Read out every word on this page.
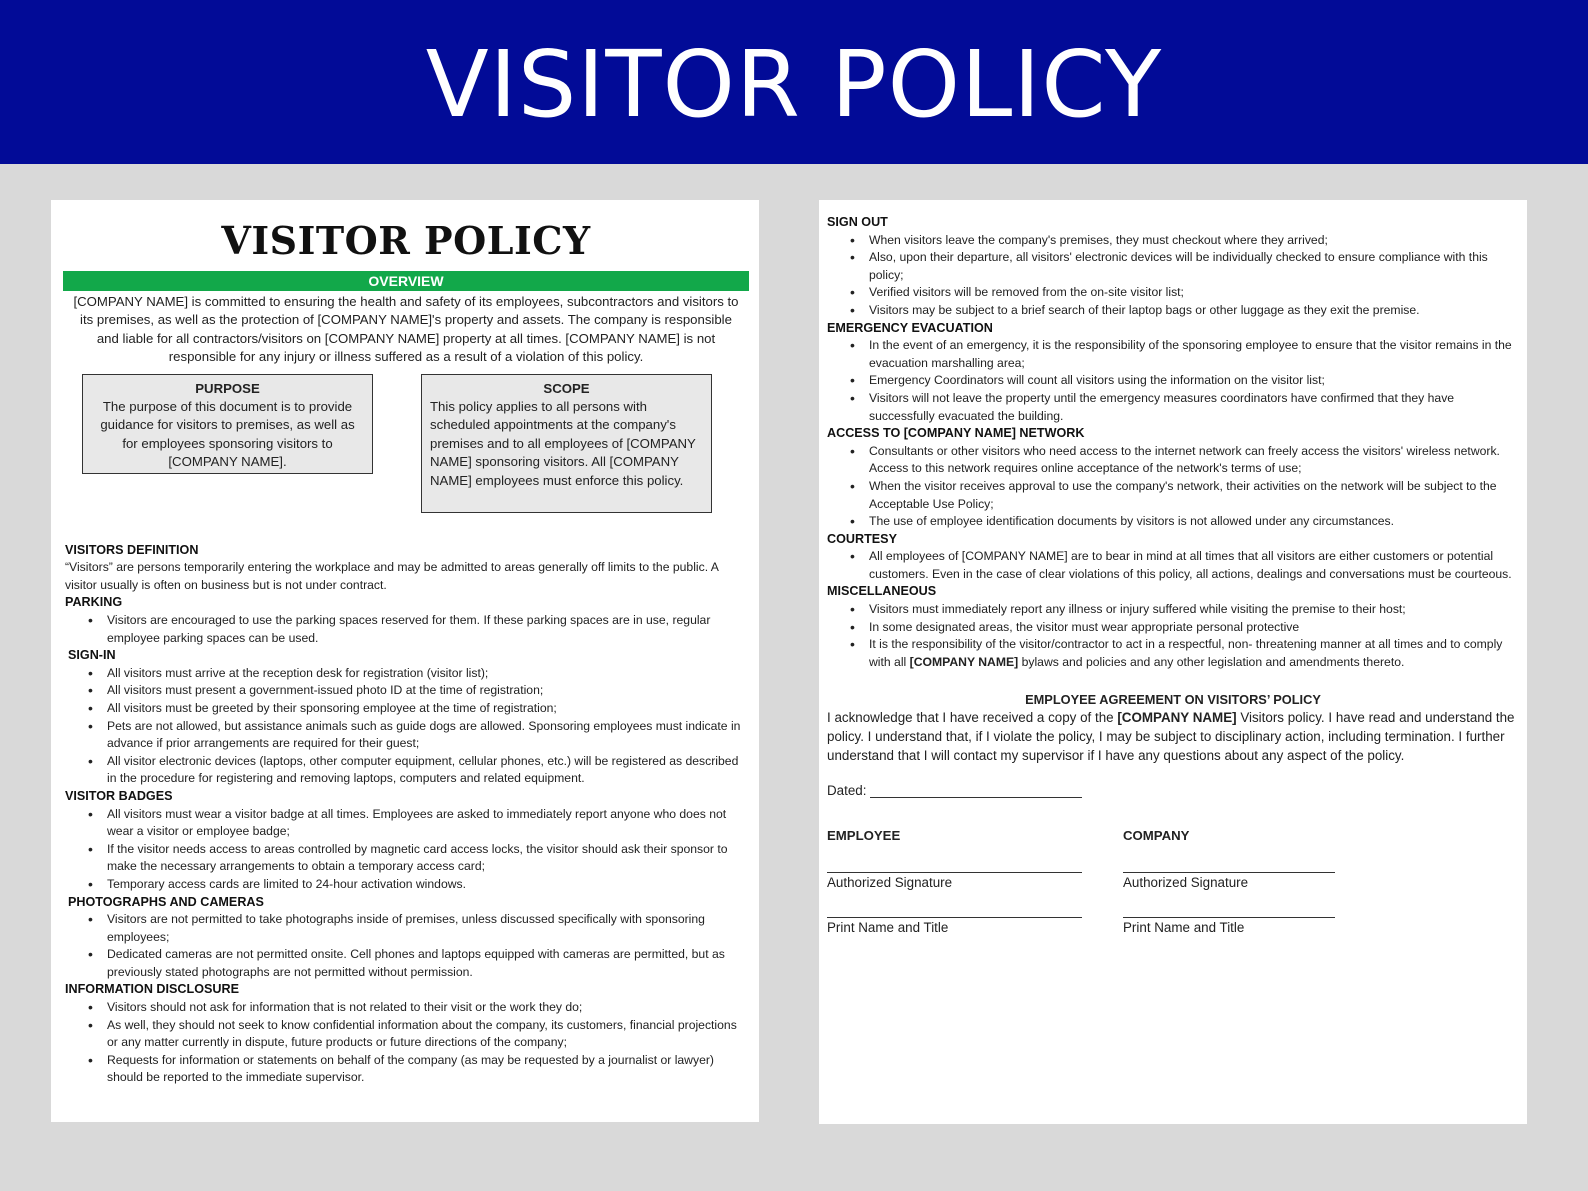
VISITOR POLICY
VISITOR POLICY
OVERVIEW
[COMPANY NAME] is committed to ensuring the health and safety of its employees, subcontractors and visitors to its premises, as well as the protection of [COMPANY NAME]'s property and assets. The company is responsible and liable for all contractors/visitors on [COMPANY NAME] property at all times. [COMPANY NAME] is not responsible for any injury or illness suffered as a result of a violation of this policy.
PURPOSE
The purpose of this document is to provide guidance for visitors to premises, as well as for employees sponsoring visitors to [COMPANY NAME].
SCOPE
This policy applies to all persons with scheduled appointments at the company's premises and to all employees of [COMPANY NAME] sponsoring visitors. All [COMPANY NAME] employees must enforce this policy.
VISITORS DEFINITION
“Visitors” are persons temporarily entering the workplace and may be admitted to areas generally off limits to the public. A visitor usually is often on business but is not under contract.
PARKING
• Visitors are encouraged to use the parking spaces reserved for them. If these parking spaces are in use, regular employee parking spaces can be used.
SIGN-IN
• All visitors must arrive at the reception desk for registration (visitor list);
• All visitors must present a government-issued photo ID at the time of registration;
• All visitors must be greeted by their sponsoring employee at the time of registration;
• Pets are not allowed, but assistance animals such as guide dogs are allowed. Sponsoring employees must indicate in advance if prior arrangements are required for their guest;
• All visitor electronic devices (laptops, other computer equipment, cellular phones, etc.) will be registered as described in the procedure for registering and removing laptops, computers and related equipment.
VISITOR BADGES
• All visitors must wear a visitor badge at all times. Employees are asked to immediately report anyone who does not wear a visitor or employee badge;
• If the visitor needs access to areas controlled by magnetic card access locks, the visitor should ask their sponsor to make the necessary arrangements to obtain a temporary access card;
• Temporary access cards are limited to 24-hour activation windows.
PHOTOGRAPHS AND CAMERAS
• Visitors are not permitted to take photographs inside of premises, unless discussed specifically with sponsoring employees;
• Dedicated cameras are not permitted onsite. Cell phones and laptops equipped with cameras are permitted, but as previously stated photographs are not permitted without permission.
INFORMATION DISCLOSURE
• Visitors should not ask for information that is not related to their visit or the work they do;
• As well, they should not seek to know confidential information about the company, its customers, financial projections or any matter currently in dispute, future products or future directions of the company;
• Requests for information or statements on behalf of the company (as may be requested by a journalist or lawyer) should be reported to the immediate supervisor.
SIGN OUT
• When visitors leave the company's premises, they must checkout where they arrived;
• Also, upon their departure, all visitors' electronic devices will be individually checked to ensure compliance with this policy;
• Verified visitors will be removed from the on-site visitor list;
• Visitors may be subject to a brief search of their laptop bags or other luggage as they exit the premise.
EMERGENCY EVACUATION
• In the event of an emergency, it is the responsibility of the sponsoring employee to ensure that the visitor remains in the evacuation marshalling area;
• Emergency Coordinators will count all visitors using the information on the visitor list;
• Visitors will not leave the property until the emergency measures coordinators have confirmed that they have successfully evacuated the building.
ACCESS TO [COMPANY NAME] NETWORK
• Consultants or other visitors who need access to the internet network can freely access the visitors' wireless network. Access to this network requires online acceptance of the network's terms of use;
• When the visitor receives approval to use the company's network, their activities on the network will be subject to the Acceptable Use Policy;
• The use of employee identification documents by visitors is not allowed under any circumstances.
COURTESY
• All employees of [COMPANY NAME] are to bear in mind at all times that all visitors are either customers or potential customers. Even in the case of clear violations of this policy, all actions, dealings and conversations must be courteous.
MISCELLANEOUS
• Visitors must immediately report any illness or injury suffered while visiting the premise to their host;
• In some designated areas, the visitor must wear appropriate personal protective
• It is the responsibility of the visitor/contractor to act in a respectful, non- threatening manner at all times and to comply with all [COMPANY NAME] bylaws and policies and any other legislation and amendments thereto.
EMPLOYEE AGREEMENT ON VISITORS’ POLICY
I acknowledge that I have received a copy of the [COMPANY NAME] Visitors policy. I have read and understand the policy. I understand that, if I violate the policy, I may be subject to disciplinary action, including termination. I further understand that I will contact my supervisor if I have any questions about any aspect of the policy.
Dated:
EMPLOYEE
Authorized Signature
Print Name and Title
COMPANY
Authorized Signature
Print Name and Title
